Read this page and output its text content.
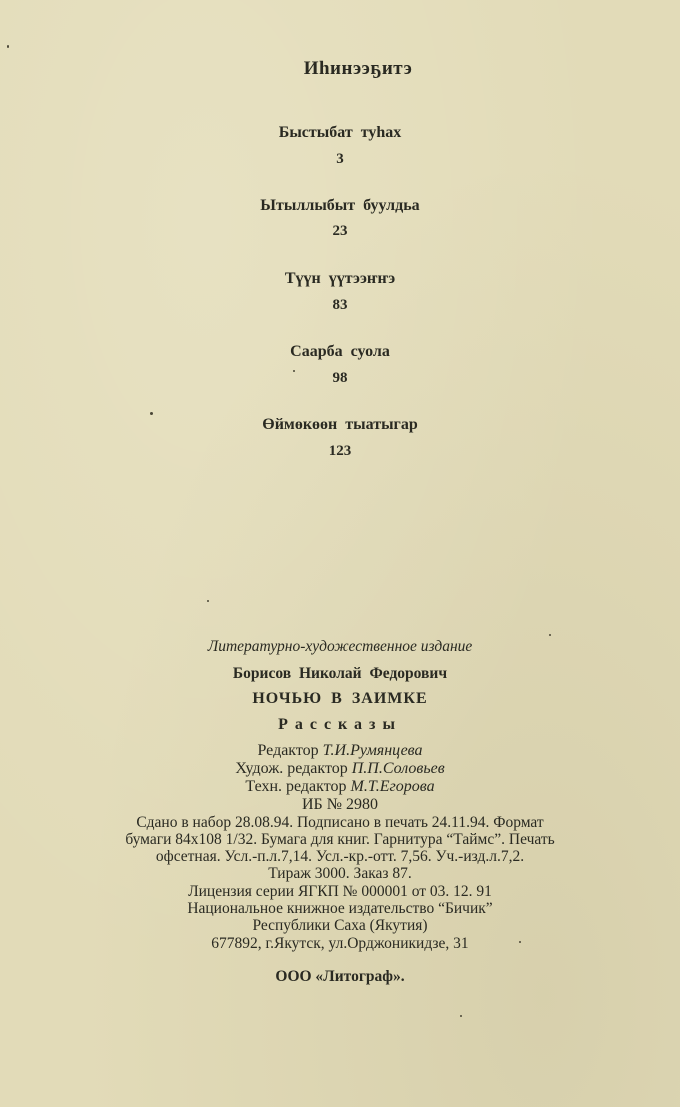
Иһинээҕитэ
Быстыбат туһах
3
Ытыллыбыт буулдьа
23
Түүн үүтээҥҥэ
83
Саарба суола
98
Өймөкөөн тыатыгар
123
Литературно-художественное издание
Борисов Николай Федорович
НОЧЬЮ В ЗАИМКЕ
Рассказы
Редактор Т.И.Румянцева
Худож. редактор П.П.Соловьев
Техн. редактор М.Т.Егорова
ИБ № 2980
Сдано в набор 28.08.94. Подписано в печать 24.11.94. Формат
бумаги 84x108 1/32. Бумага для книг. Гарнитура “Таймс”. Печать
офсетная. Усл.-п.л.7,14. Усл.-кр.-отт. 7,56. Уч.-изд.л.7,2.
Тираж 3000. Заказ 87.
Лицензия серии ЯГКП № 000001 от 03. 12. 91
Национальное книжное издательство “Бичик”
Республики Саха (Якутия)
677892, г.Якутск, ул.Орджоникидзе, 31
ООО «Литограф».
